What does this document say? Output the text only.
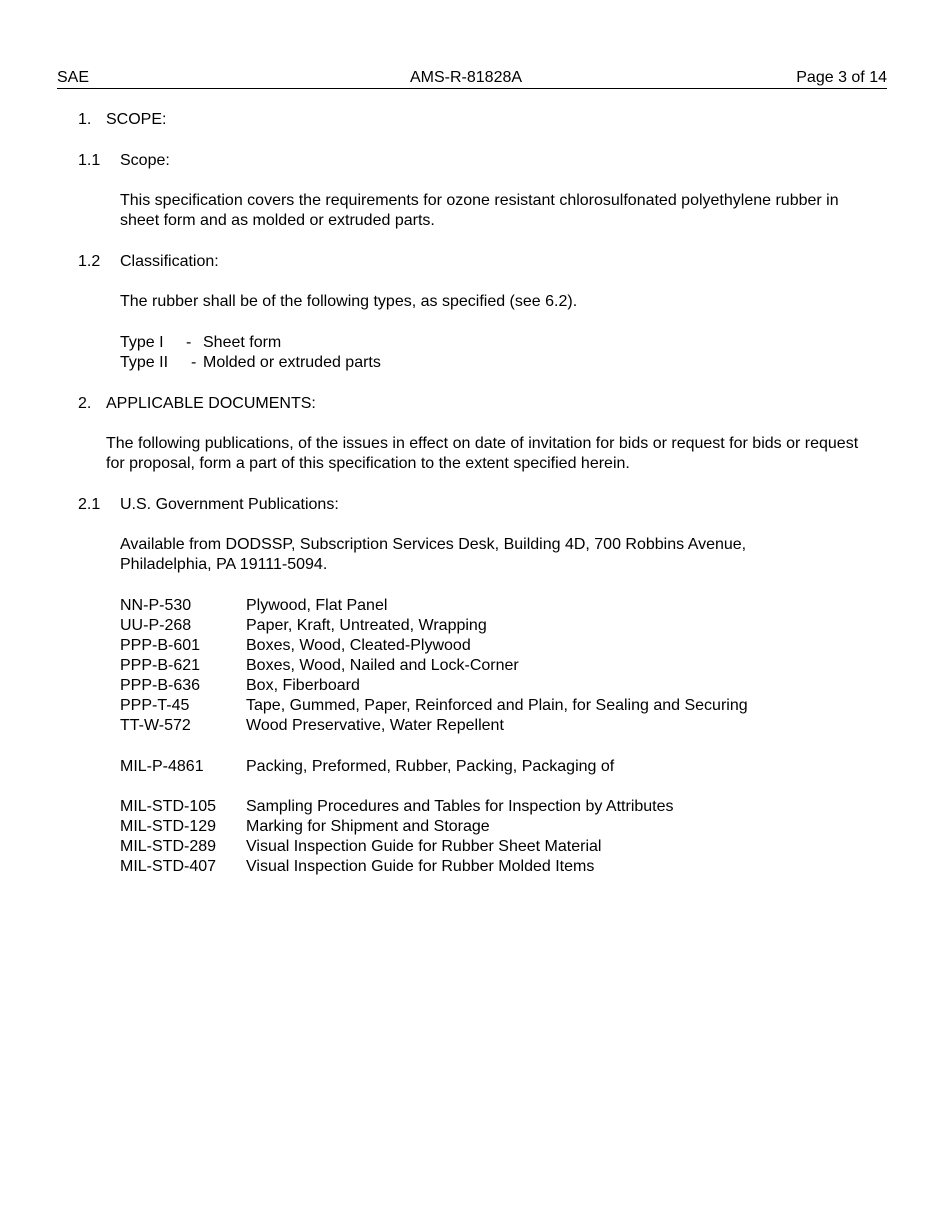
SAE	AMS-R-81828A	Page 3 of 14
1. SCOPE:
1.1 Scope:
This specification covers the requirements for ozone resistant chlorosulfonated polyethylene rubber in sheet form and as molded or extruded parts.
1.2 Classification:
The rubber shall be of the following types, as specified (see 6.2).
Type I - Sheet form
Type II - Molded or extruded parts
2. APPLICABLE DOCUMENTS:
The following publications, of the issues in effect on date of invitation for bids or request for bids or request for proposal, form a part of this specification to the extent specified herein.
2.1 U.S. Government Publications:
Available from DODSSP, Subscription Services Desk, Building 4D, 700 Robbins Avenue, Philadelphia, PA 19111-5094.
NN-P-530	Plywood, Flat Panel
UU-P-268	Paper, Kraft, Untreated, Wrapping
PPP-B-601	Boxes, Wood, Cleated-Plywood
PPP-B-621	Boxes, Wood, Nailed and Lock-Corner
PPP-B-636	Box, Fiberboard
PPP-T-45	Tape, Gummed, Paper, Reinforced and Plain, for Sealing and Securing
TT-W-572	Wood Preservative, Water Repellent
MIL-P-4861	Packing, Preformed, Rubber, Packing, Packaging of
MIL-STD-105 Sampling Procedures and Tables for Inspection by Attributes
MIL-STD-129 Marking for Shipment and Storage
MIL-STD-289 Visual Inspection Guide for Rubber Sheet Material
MIL-STD-407 Visual Inspection Guide for Rubber Molded Items
